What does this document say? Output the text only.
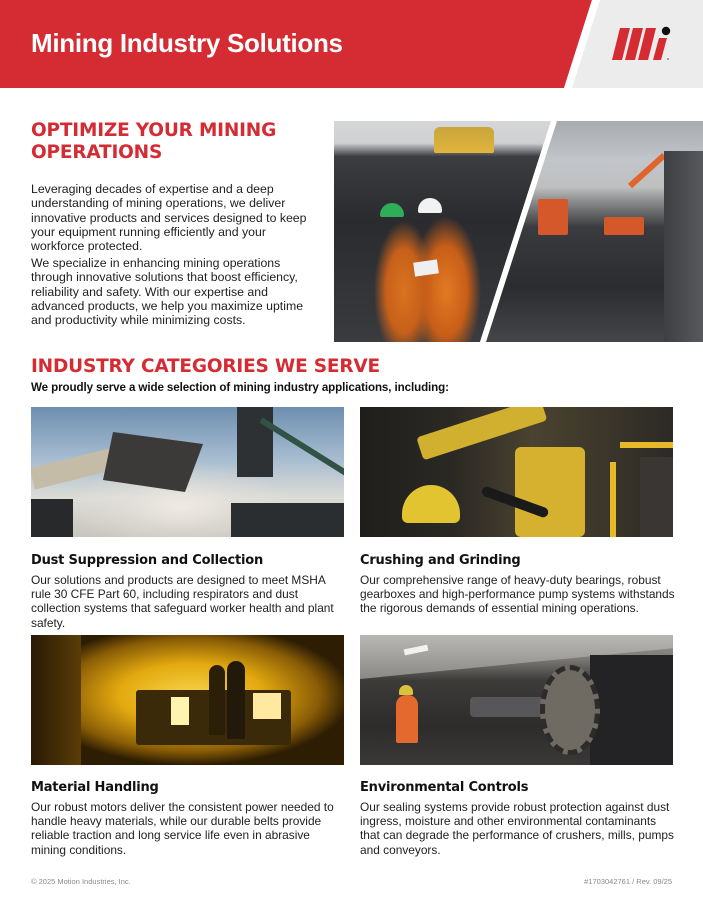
Mining Industry Solutions
OPTIMIZE YOUR MINING OPERATIONS

Leveraging decades of expertise and a deep understanding of mining operations, we deliver innovative products and services designed to keep your equipment running efficiently and your workforce protected.

We specialize in enhancing mining operations through innovative solutions that boost efficiency, reliability and safety. With our expertise and advanced products, we help you maximize uptime and productivity while minimizing costs.

INDUSTRY CATEGORIES WE SERVE

We proudly serve a wide selection of mining industry applications, including:

Dust Suppression and Collection

Our solutions and products are designed to meet MSHA rule 30 CFE Part 60, including respirators and dust collection systems that safeguard worker health and plant safety.

Crushing and Grinding

Our comprehensive range of heavy-duty bearings, robust gearboxes and high-performance pump systems withstands the rigorous demands of essential mining operations.

Material Handling

Our robust motors deliver the consistent power needed to handle heavy materials, while our durable belts provide reliable traction and long service life even in abrasive mining conditions.

Environmental Controls

Our sealing systems provide robust protection against dust ingress, moisture and other environmental contaminants that can degrade the performance of crushers, mills, pumps and conveyors.

© 2025 Motion Industries, Inc.	#1703042761 / Rev. 09/25
